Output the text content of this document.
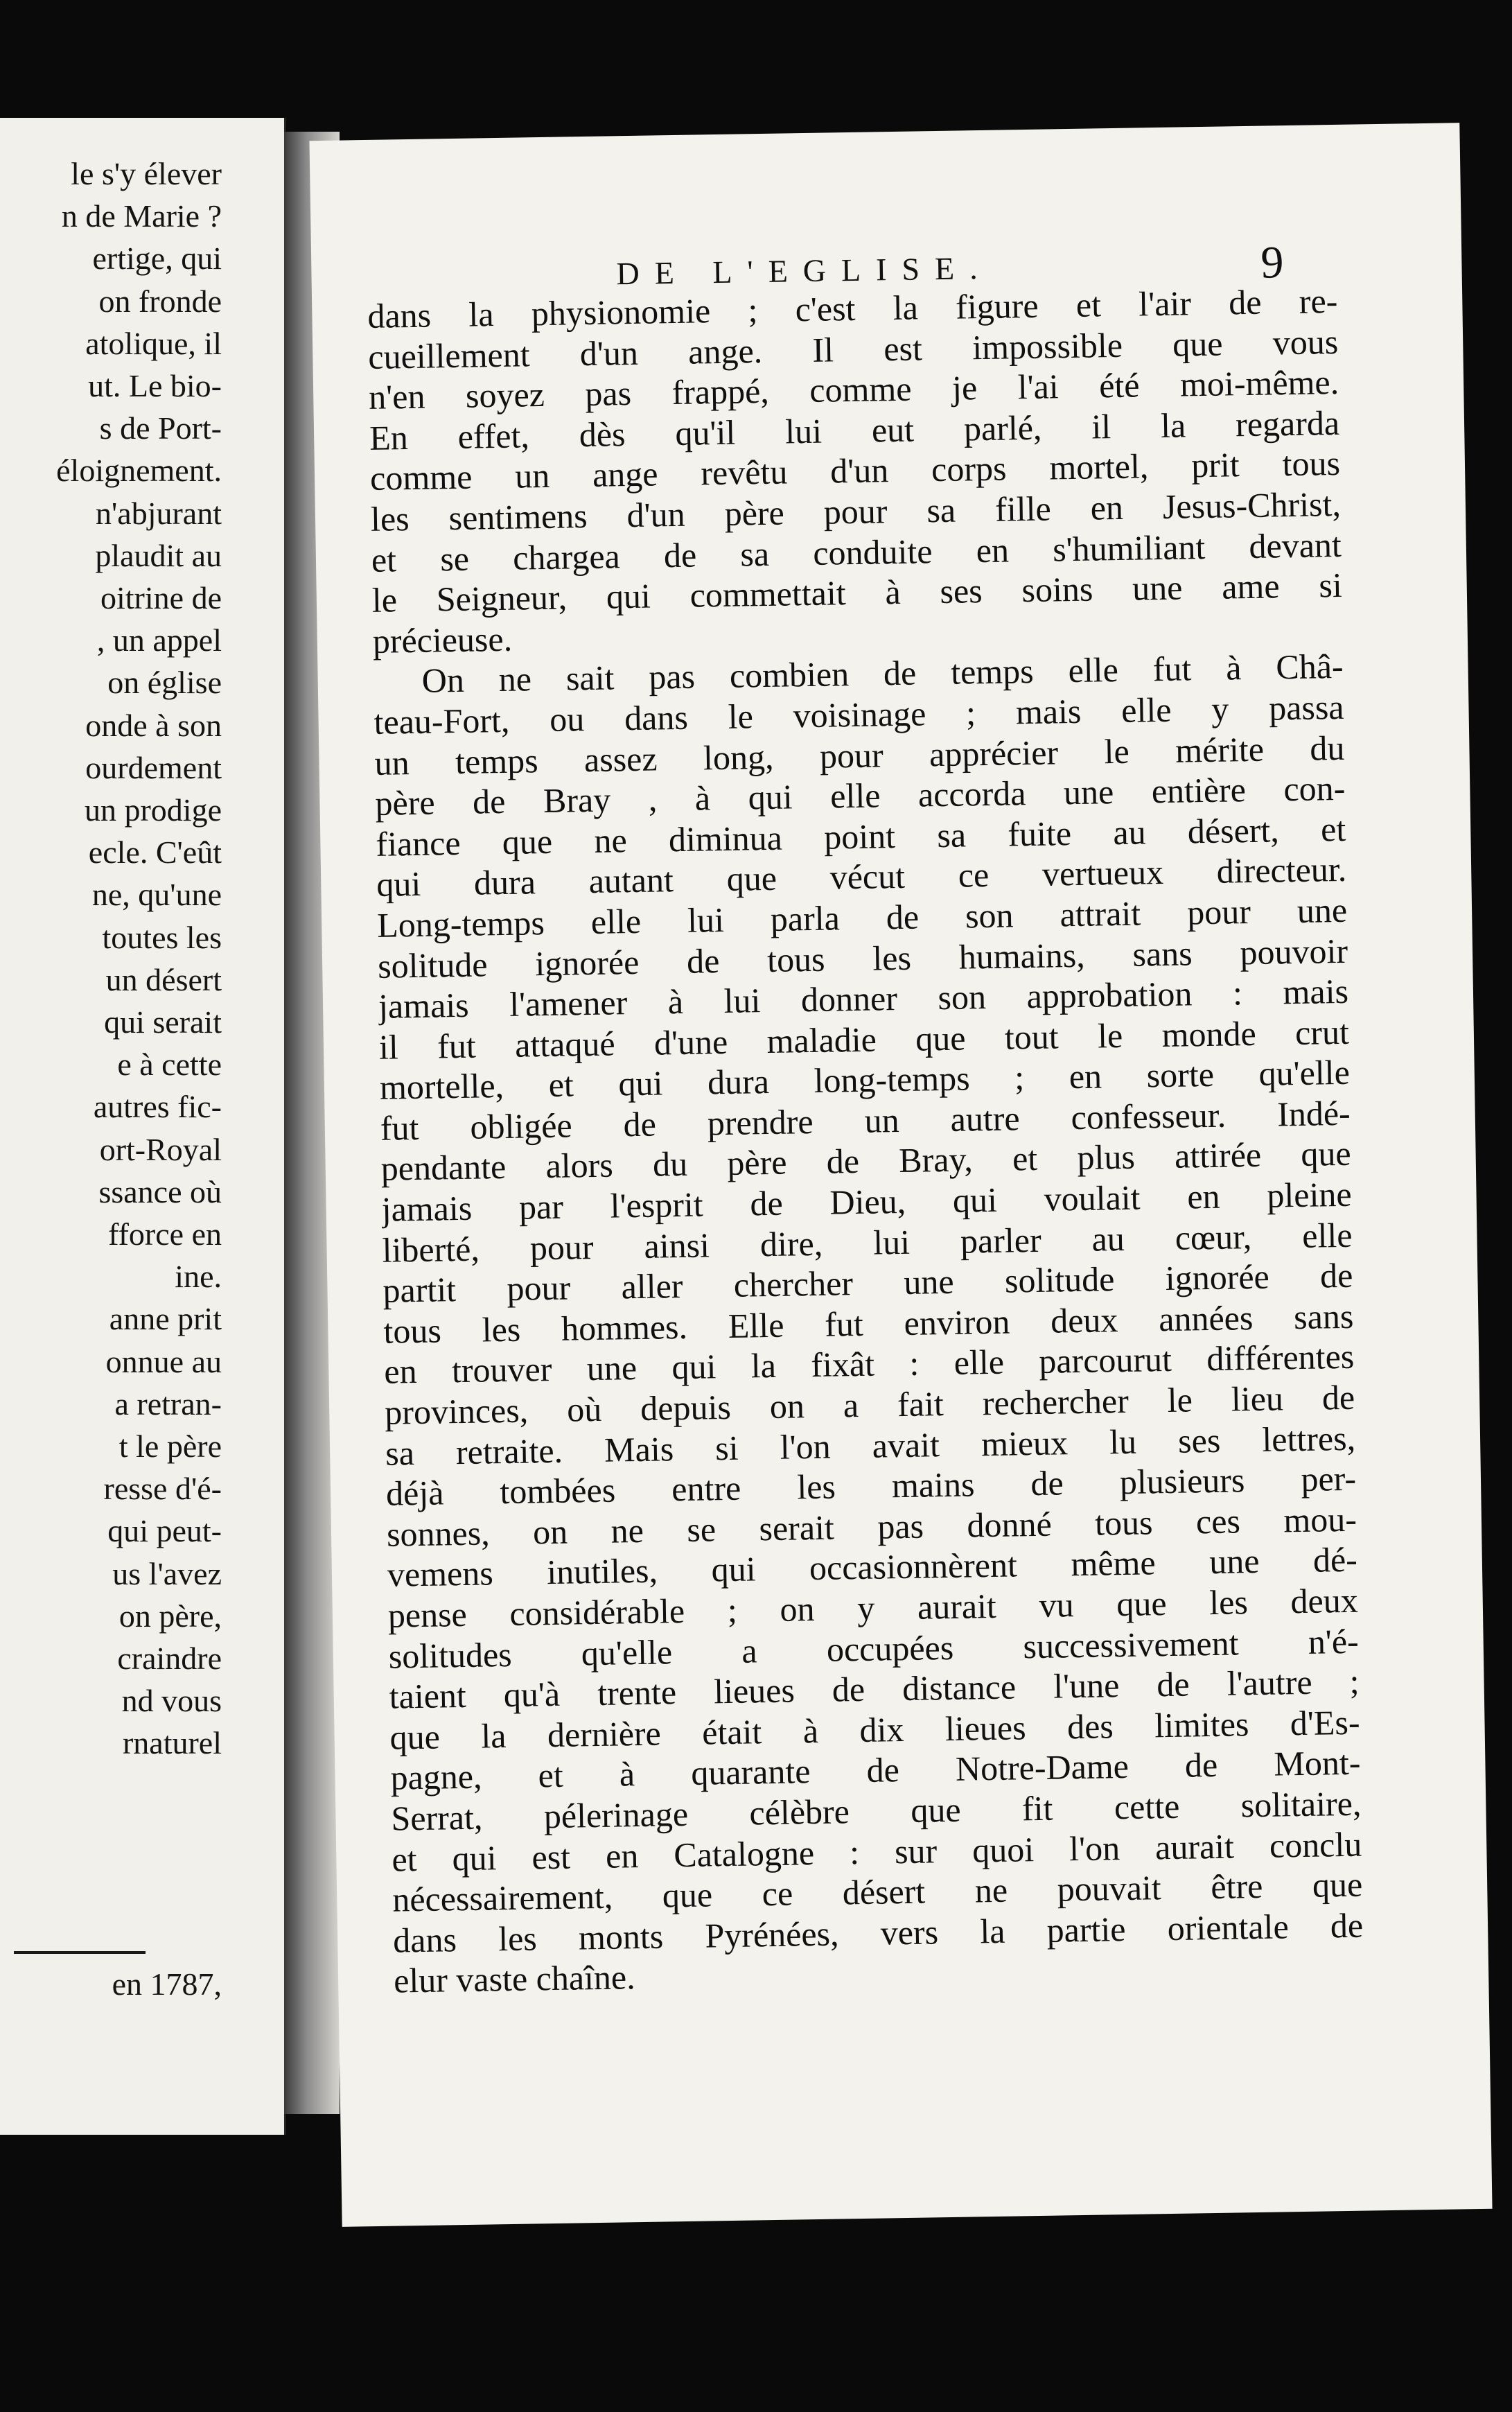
le s'y élever
n de Marie ?
ertige, qui
on fronde
atolique, il
ut. Le bio-
s de Port-
éloignement.
n'abjurant
plaudit au
oitrine de
, un appel
on église
onde à son
ourdement
un prodige
ecle. C'eût
ne, qu'une
toutes les
un désert
qui serait
e à cette
autres fic-
ort-Royal
ssance où
fforce en
ine.
anne prit
onnue au
a retran-
t le père
resse d'é-
qui peut-
us l'avez
on père,
craindre
nd vous
rnaturel
en 1787,
DE L'EGLISE.	9
dans la physionomie ; c'est la figure et l'air de re-
cueillement d'un ange. Il est impossible que vous
n'en soyez pas frappé, comme je l'ai été moi-même.
En effet, dès qu'il lui eut parlé, il la regarda
comme un ange revêtu d'un corps mortel, prit tous
les sentimens d'un père pour sa fille en Jesus-Christ,
et se chargea de sa conduite en s'humiliant devant
le Seigneur, qui commettait à ses soins une ame si
précieuse.
On ne sait pas combien de temps elle fut à Châ-
teau-Fort, ou dans le voisinage ; mais elle y passa
un temps assez long, pour apprécier le mérite du
père de Bray , à qui elle accorda une entière con-
fiance que ne diminua point sa fuite au désert, et
qui dura autant que vécut ce vertueux directeur.
Long-temps elle lui parla de son attrait pour une
solitude ignorée de tous les humains, sans pouvoir
jamais l'amener à lui donner son approbation : mais
il fut attaqué d'une maladie que tout le monde crut
mortelle, et qui dura long-temps ; en sorte qu'elle
fut obligée de prendre un autre confesseur. Indé-
pendante alors du père de Bray, et plus attirée que
jamais par l'esprit de Dieu, qui voulait en pleine
liberté, pour ainsi dire, lui parler au cœur, elle
partit pour aller chercher une solitude ignorée de
tous les hommes. Elle fut environ deux années sans
en trouver une qui la fixât : elle parcourut différentes
provinces, où depuis on a fait rechercher le lieu de
sa retraite. Mais si l'on avait mieux lu ses lettres,
déjà tombées entre les mains de plusieurs per-
sonnes, on ne se serait pas donné tous ces mou-
vemens inutiles, qui occasionnèrent même une dé-
pense considérable ; on y aurait vu que les deux
solitudes qu'elle a occupées successivement n'é-
taient qu'à trente lieues de distance l'une de l'autre ;
que la dernière était à dix lieues des limites d'Es-
pagne, et à quarante de Notre-Dame de Mont-
Serrat, pélerinage célèbre que fit cette solitaire,
et qui est en Catalogne : sur quoi l'on aurait conclu
nécessairement, que ce désert ne pouvait être que
dans les monts Pyrénées, vers la partie orientale de
elur vaste chaîne.
